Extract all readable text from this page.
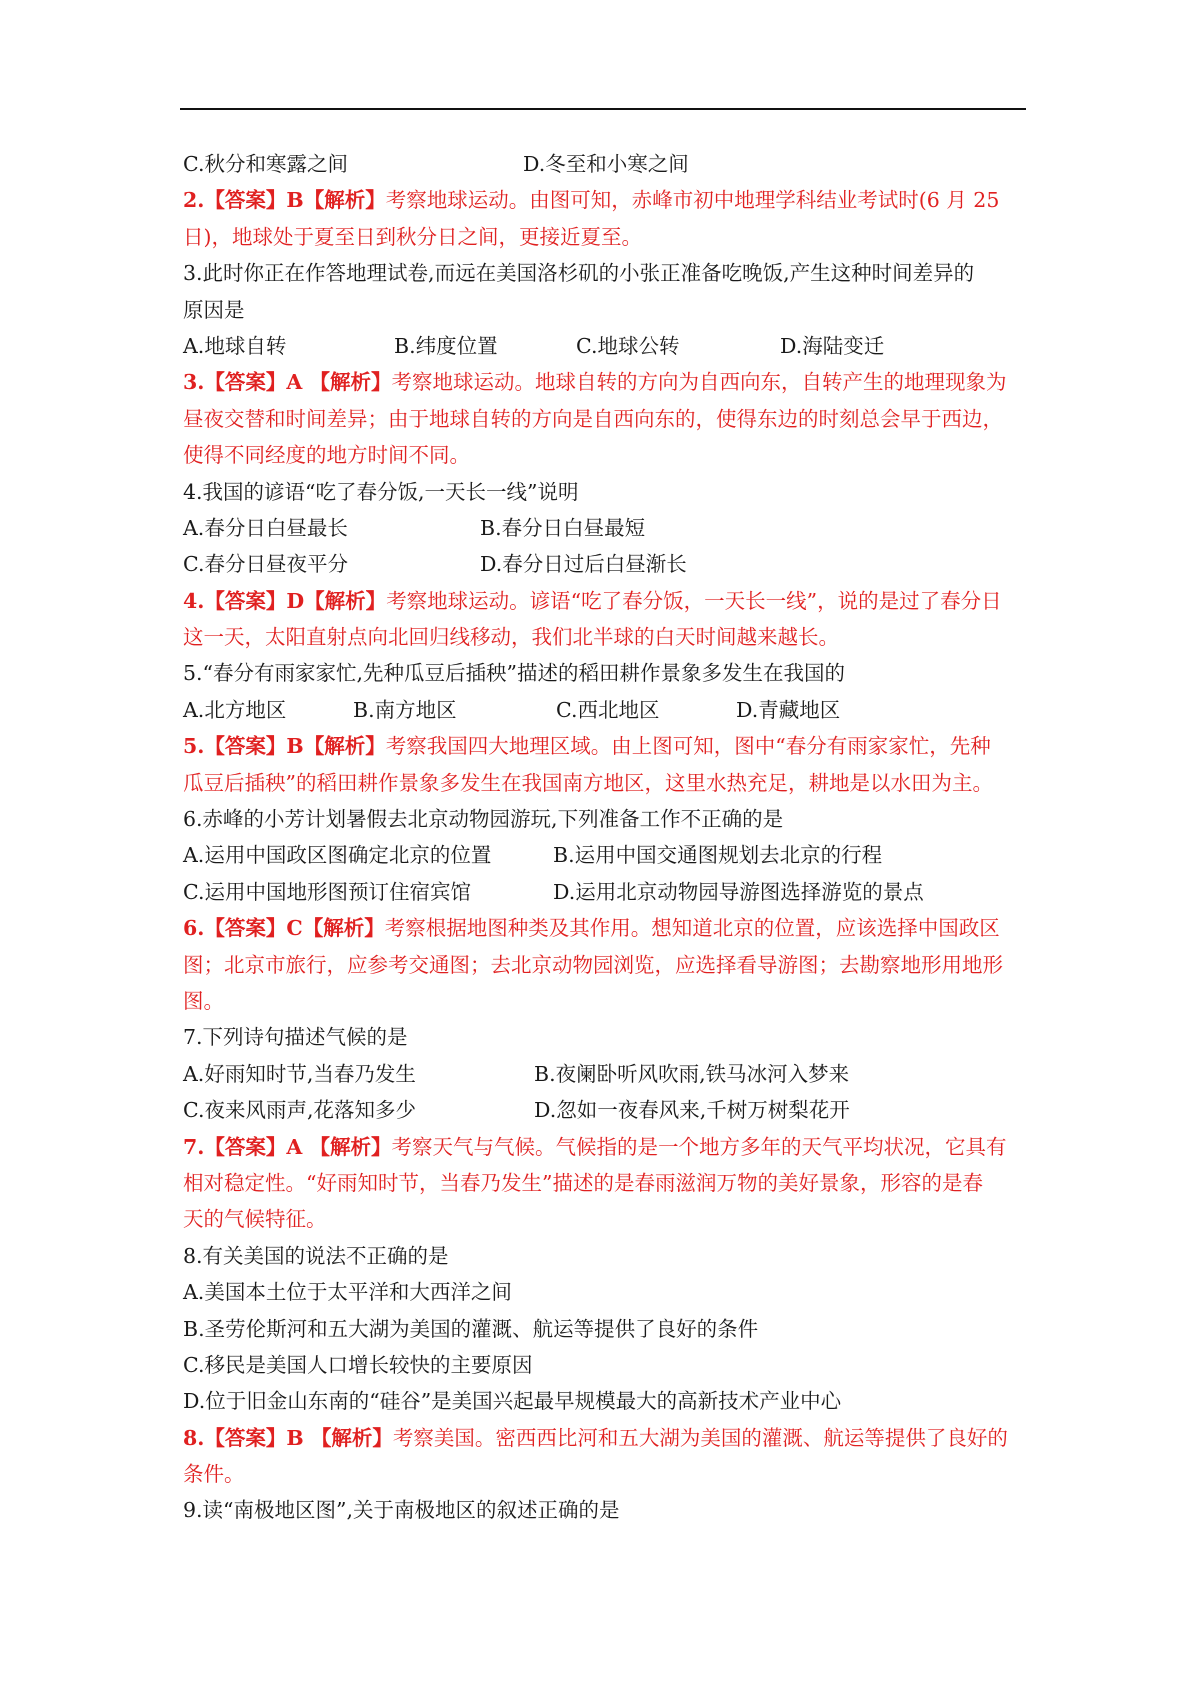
C.秋分和寒露之间	D.冬至和小寒之间
2.【答案】B【解析】考察地球运动。由图可知，赤峰市初中地理学科结业考试时(6 月 25
日)，地球处于夏至日到秋分日之间，更接近夏至。
3.此时你正在作答地理试卷,而远在美国洛杉矶的小张正准备吃晚饭,产生这种时间差异的
原因是
A.地球自转	B.纬度位置	C.地球公转	D.海陆变迁
3.【答案】A 【解析】考察地球运动。地球自转的方向为自西向东，自转产生的地理现象为
昼夜交替和时间差异；由于地球自转的方向是自西向东的，使得东边的时刻总会早于西边，
使得不同经度的地方时间不同。
4.我国的谚语“吃了春分饭,一天长一线”说明
A.春分日白昼最长	B.春分日白昼最短
C.春分日昼夜平分	D.春分日过后白昼渐长
4.【答案】D【解析】考察地球运动。谚语“吃了春分饭，一天长一线”，说的是过了春分日
这一天，太阳直射点向北回归线移动，我们北半球的白天时间越来越长。
5.“春分有雨家家忙,先种瓜豆后插秧”描述的稻田耕作景象多发生在我国的
A.北方地区	B.南方地区	C.西北地区	D.青藏地区
5.【答案】B【解析】考察我国四大地理区域。由上图可知，图中“春分有雨家家忙，先种
瓜豆后插秧”的稻田耕作景象多发生在我国南方地区，这里水热充足，耕地是以水田为主。
6.赤峰的小芳计划暑假去北京动物园游玩,下列准备工作不正确的是
A.运用中国政区图确定北京的位置	B.运用中国交通图规划去北京的行程
C.运用中国地形图预订住宿宾馆	D.运用北京动物园导游图选择游览的景点
6.【答案】C【解析】考察根据地图种类及其作用。想知道北京的位置，应该选择中国政区
图；北京市旅行，应参考交通图；去北京动物园浏览，应选择看导游图；去勘察地形用地形
图。
7.下列诗句描述气候的是
A.好雨知时节,当春乃发生	B.夜阑卧听风吹雨,铁马冰河入梦来
C.夜来风雨声,花落知多少	D.忽如一夜春风来,千树万树梨花开
7.【答案】A 【解析】考察天气与气候。气候指的是一个地方多年的天气平均状况，它具有
相对稳定性。“好雨知时节，当春乃发生”描述的是春雨滋润万物的美好景象，形容的是春
天的气候特征。
8.有关美国的说法不正确的是
A.美国本土位于太平洋和大西洋之间
B.圣劳伦斯河和五大湖为美国的灌溉、航运等提供了良好的条件
C.移民是美国人口增长较快的主要原因
D.位于旧金山东南的“硅谷”是美国兴起最早规模最大的高新技术产业中心
8.【答案】B 【解析】考察美国。密西西比河和五大湖为美国的灌溉、航运等提供了良好的
条件。
9.读“南极地区图”,关于南极地区的叙述正确的是
